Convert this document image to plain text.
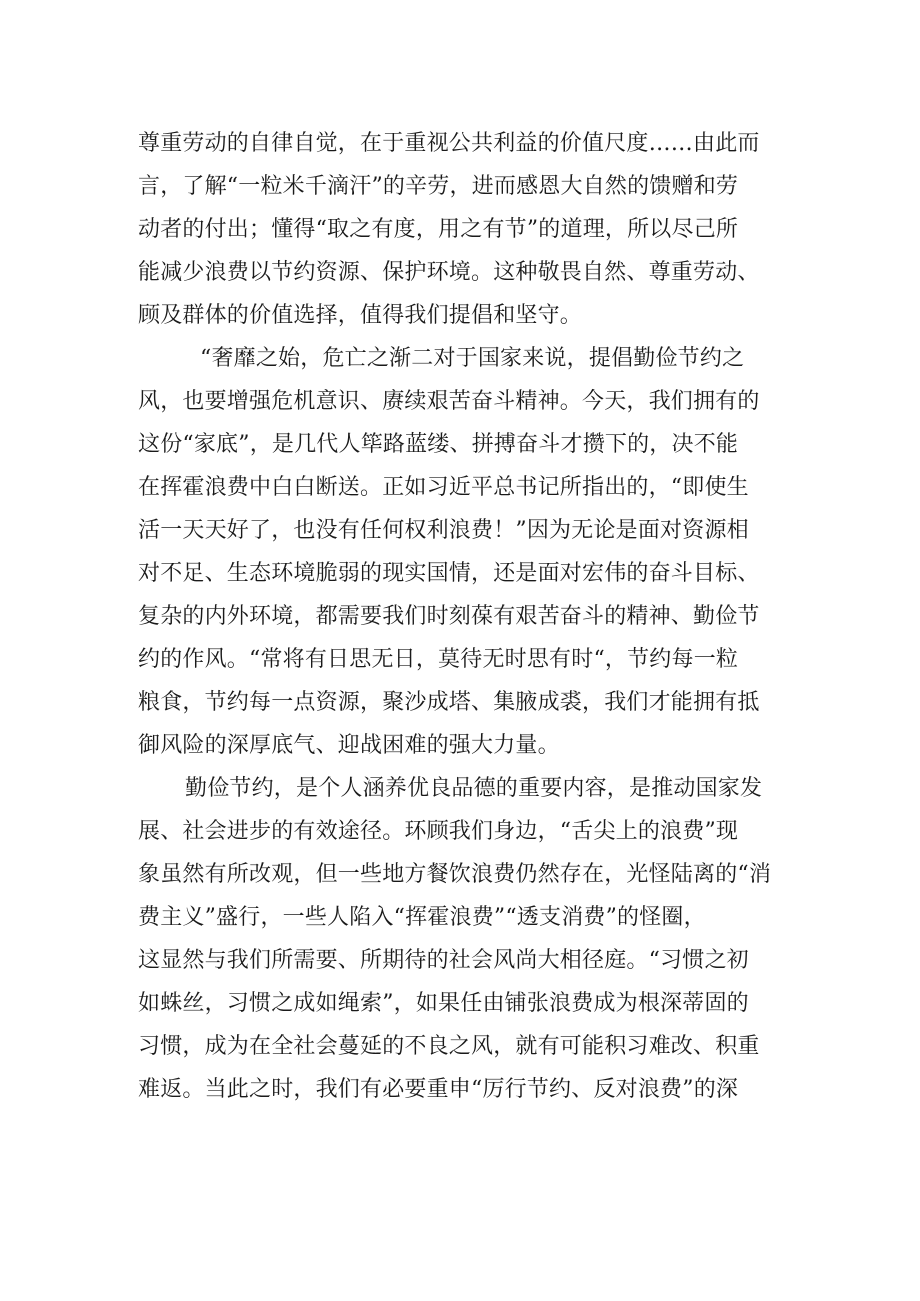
尊重劳动的自律自觉，在于重视公共利益的价值尺度……由此而
言，了解“一粒米千滴汗”的辛劳，进而感恩大自然的馈赠和劳
动者的付出；懂得“取之有度，用之有节”的道理，所以尽己所
能减少浪费以节约资源、保护环境。这种敬畏自然、尊重劳动、
顾及群体的价值选择，值得我们提倡和坚守。
“奢靡之始，危亡之渐二对于国家来说，提倡勤俭节约之
风，也要增强危机意识、赓续艰苦奋斗精神。今天，我们拥有的
这份“家底”，是几代人筚路蓝缕、拼搏奋斗才攒下的，决不能
在挥霍浪费中白白断送。正如习近平总书记所指出的，“即使生
活一天天好了，也没有任何权利浪费！”因为无论是面对资源相
对不足、生态环境脆弱的现实国情，还是面对宏伟的奋斗目标、
复杂的内外环境，都需要我们时刻葆有艰苦奋斗的精神、勤俭节
约的作风。“常将有日思无日，莫待无时思有时“，节约每一粒
粮食，节约每一点资源，聚沙成塔、集腋成裘，我们才能拥有抵
御风险的深厚底气、迎战困难的强大力量。
勤俭节约，是个人涵养优良品德的重要内容，是推动国家发
展、社会进步的有效途径。环顾我们身边，“舌尖上的浪费”现
象虽然有所改观，但一些地方餐饮浪费仍然存在，光怪陆离的“消
费主义”盛行，一些人陷入“挥霍浪费”“透支消费”的怪圈，
这显然与我们所需要、所期待的社会风尚大相径庭。“习惯之初
如蛛丝，习惯之成如绳索”，如果任由铺张浪费成为根深蒂固的
习惯，成为在全社会蔓延的不良之风，就有可能积习难改、积重
难返。当此之时，我们有必要重申“厉行节约、反对浪费”的深
